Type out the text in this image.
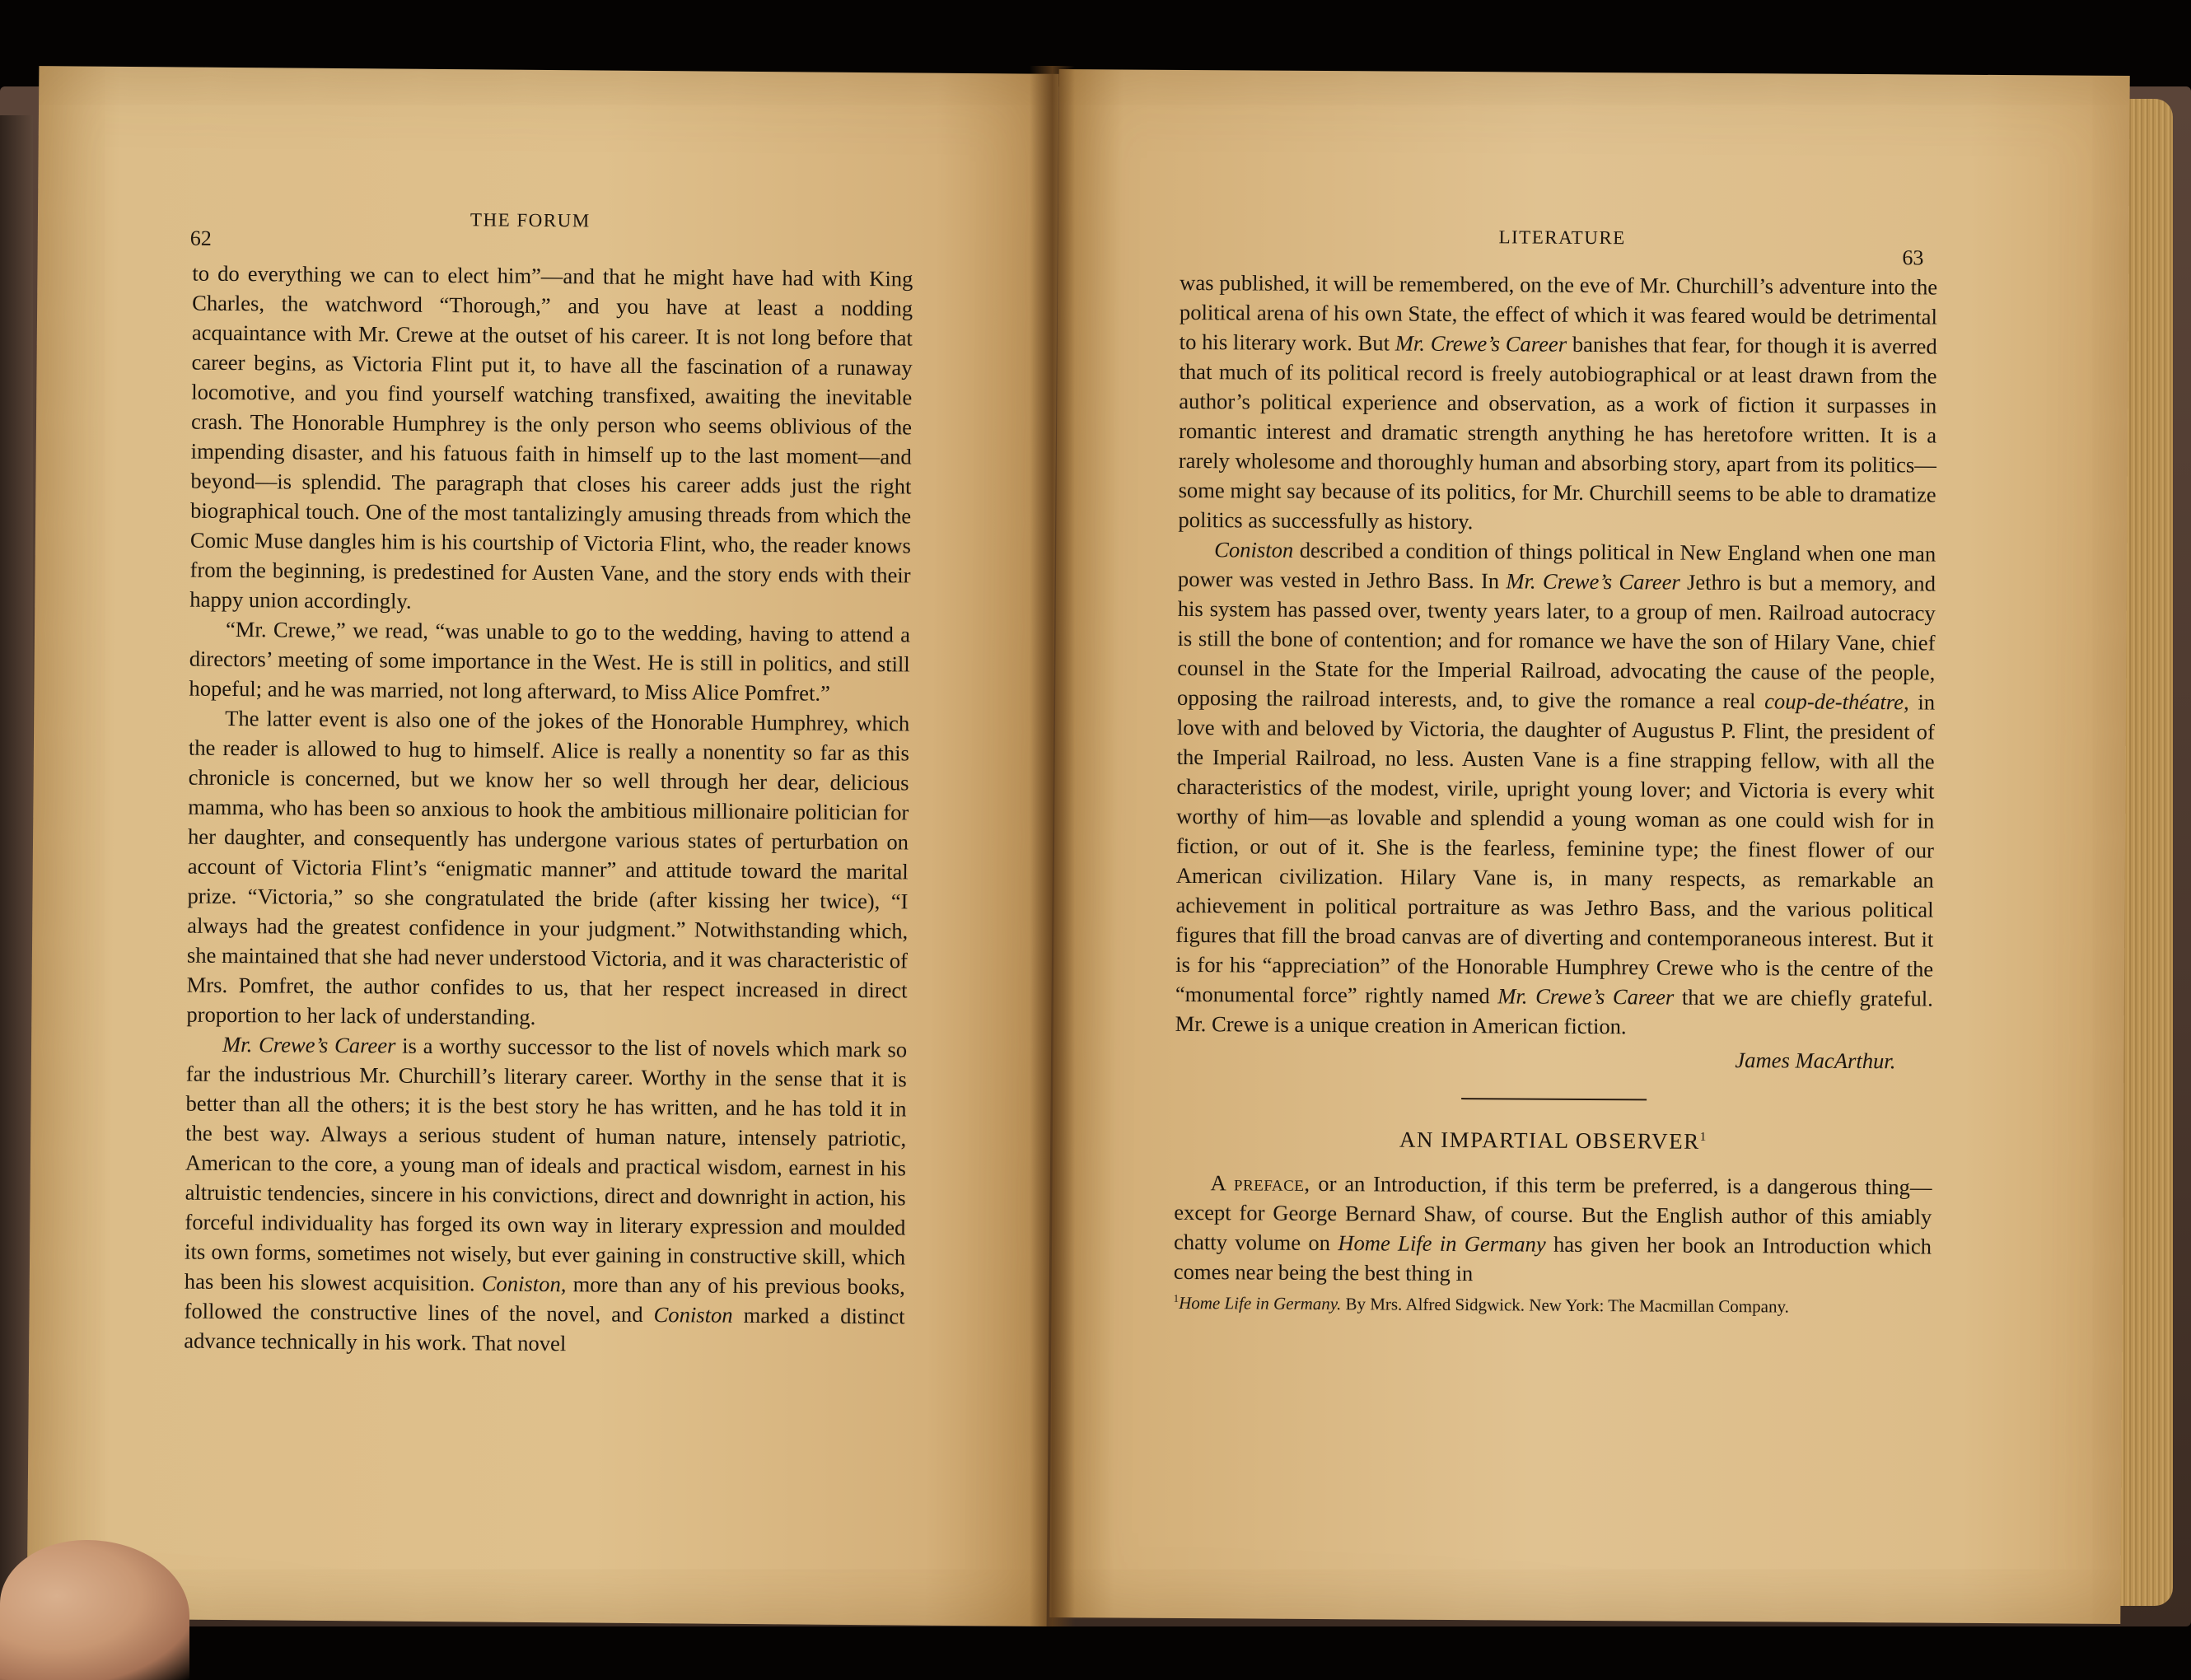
62
THE FORUM

to do everything we can to elect him”—and that he might have had with King Charles, the watchword “Thorough,” and you have at least a nodding acquaintance with Mr. Crewe at the outset of his career. It is not long before that career begins, as Victoria Flint put it, to have all the fascination of a runaway locomotive, and you find yourself watching transfixed, awaiting the inevitable crash. The Honorable Humphrey is the only person who seems oblivious of the impending disaster, and his fatuous faith in himself up to the last moment—and beyond—is splendid. The paragraph that closes his career adds just the right biographical touch. One of the most tantalizingly amusing threads from which the Comic Muse dangles him is his courtship of Victoria Flint, who, the reader knows from the beginning, is predestined for Austen Vane, and the story ends with their happy union accordingly.

“Mr. Crewe,” we read, “was unable to go to the wedding, having to attend a directors’ meeting of some importance in the West. He is still in politics, and still hopeful; and he was married, not long afterward, to Miss Alice Pomfret.”

The latter event is also one of the jokes of the Honorable Humphrey, which the reader is allowed to hug to himself. Alice is really a nonentity so far as this chronicle is concerned, but we know her so well through her dear, delicious mamma, who has been so anxious to hook the ambitious millionaire politician for her daughter, and consequently has undergone various states of perturbation on account of Victoria Flint’s “enigmatic manner” and attitude toward the marital prize. “Victoria,” so she congratulated the bride (after kissing her twice), “I always had the greatest confidence in your judgment.” Notwithstanding which, she maintained that she had never understood Victoria, and it was characteristic of Mrs. Pomfret, the author confides to us, that her respect increased in direct proportion to her lack of understanding.

Mr. Crewe’s Career is a worthy successor to the list of novels which mark so far the industrious Mr. Churchill’s literary career. Worthy in the sense that it is better than all the others; it is the best story he has written, and he has told it in the best way. Always a serious student of human nature, intensely patriotic, American to the core, a young man of ideals and practical wisdom, earnest in his altruistic tendencies, sincere in his convictions, direct and downright in action, his forceful individuality has forged its own way in literary expression and moulded its own forms, sometimes not wisely, but ever gaining in constructive skill, which has been his slowest acquisition. Coniston, more than any of his previous books, followed the constructive lines of the novel, and Coniston marked a distinct advance technically in his work. That novel

LITERATURE
63

was published, it will be remembered, on the eve of Mr. Churchill’s adventure into the political arena of his own State, the effect of which it was feared would be detrimental to his literary work. But Mr. Crewe’s Career banishes that fear, for though it is averred that much of its political record is freely autobiographical or at least drawn from the author’s political experience and observation, as a work of fiction it surpasses in romantic interest and dramatic strength anything he has heretofore written. It is a rarely wholesome and thoroughly human and absorbing story, apart from its politics—some might say because of its politics, for Mr. Churchill seems to be able to dramatize politics as successfully as history.

Coniston described a condition of things political in New England when one man power was vested in Jethro Bass. In Mr. Crewe’s Career Jethro is but a memory, and his system has passed over, twenty years later, to a group of men. Railroad autocracy is still the bone of contention; and for romance we have the son of Hilary Vane, chief counsel in the State for the Imperial Railroad, advocating the cause of the people, opposing the railroad interests, and, to give the romance a real coup-de-théatre, in love with and beloved by Victoria, the daughter of Augustus P. Flint, the president of the Imperial Railroad, no less. Austen Vane is a fine strapping fellow, with all the characteristics of the modest, virile, upright young lover; and Victoria is every whit worthy of him—as lovable and splendid a young woman as one could wish for in fiction, or out of it. She is the fearless, feminine type; the finest flower of our American civilization. Hilary Vane is, in many respects, as remarkable an achievement in political portraiture as was Jethro Bass, and the various political figures that fill the broad canvas are of diverting and contemporaneous interest. But it is for his “appreciation” of the Honorable Humphrey Crewe who is the centre of the “monumental force” rightly named Mr. Crewe’s Career that we are chiefly grateful. Mr. Crewe is a unique creation in American fiction.

James MacArthur.
AN IMPARTIAL OBSERVER$^1$

A preface, or an Introduction, if this term be preferred, is a dangerous thing—except for George Bernard Shaw, of course. But the English author of this amiably chatty volume on Home Life in Germany has given her book an Introduction which comes near being the best thing in

$^1$Home Life in Germany. By Mrs. Alfred Sidgwick. New York: The Macmillan Company.
